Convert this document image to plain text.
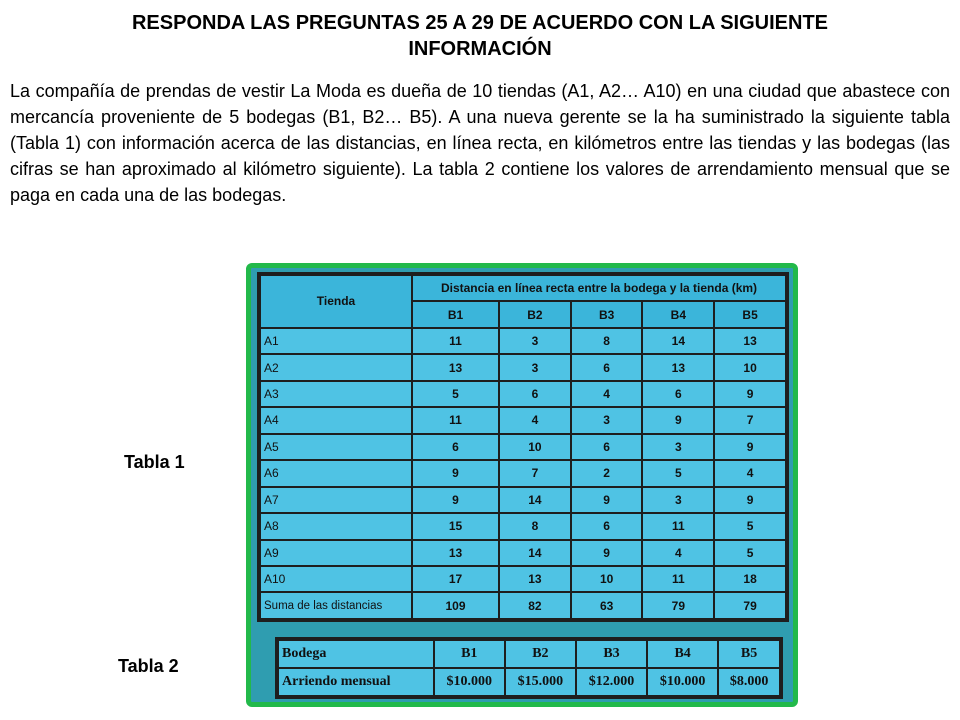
RESPONDA LAS PREGUNTAS 25 A 29 DE ACUERDO CON LA SIGUIENTE
INFORMACIÓN

La compañía de prendas de vestir La Moda es dueña de 10 tiendas (A1, A2… A10) en una ciudad que abastece con mercancía proveniente de 5 bodegas (B1, B2… B5). A una nueva gerente se la ha suministrado la siguiente tabla (Tabla 1) con información acerca de las distancias, en línea recta, en kilómetros entre las tiendas y las bodegas (las cifras se han aproximado al kilómetro siguiente). La tabla 2 contiene los valores de arrendamiento mensual que se paga en cada una de las bodegas.

Tabla 1
Tabla 2
Tienda	Distancia en línea recta entre la bodega y la tienda (km)				
	B1	B2	B3	B4	B5
A1	11	3	8	14	13
A2	13	3	6	13	10
A3	5	6	4	6	9
A4	11	4	3	9	7
A5	6	10	6	3	9
A6	9	7	2	5	4
A7	9	14	9	3	9
A8	15	8	6	11	5
A9	13	14	9	4	5
A10	17	13	10	11	18
Suma de las distancias	109	82	63	79	79
Bodega	B1	B2	B3	B4	B5
Arriendo mensual	$10.000	$15.000	$12.000	$10.000	$8.000
